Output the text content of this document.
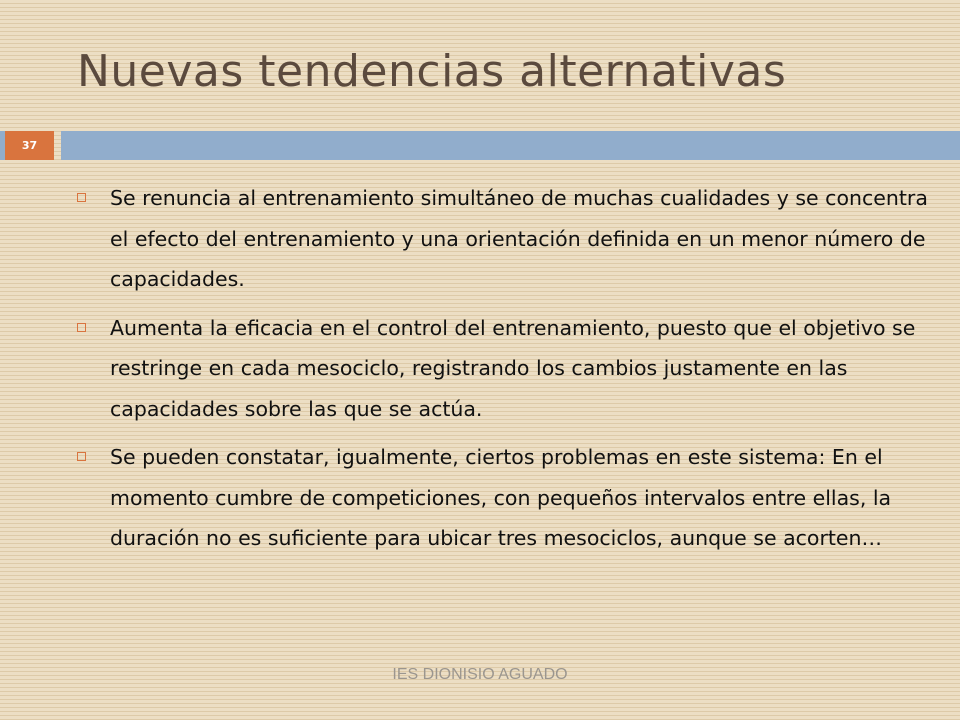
Nuevas tendencias alternativas
37
Se renuncia al entrenamiento simultáneo de muchas cualidades y se concentra el efecto del entrenamiento y una orientación definida en un menor número de capacidades.
Aumenta la eficacia en el control del entrenamiento, puesto que el objetivo se restringe en cada mesociclo, registrando los cambios justamente en las capacidades sobre las que se actúa.
Se pueden constatar, igualmente, ciertos problemas en este sistema: En el momento cumbre de competiciones, con pequeños intervalos entre ellas, la duración no es suficiente para ubicar tres mesociclos, aunque se acorten…
IES DIONISIO AGUADO
